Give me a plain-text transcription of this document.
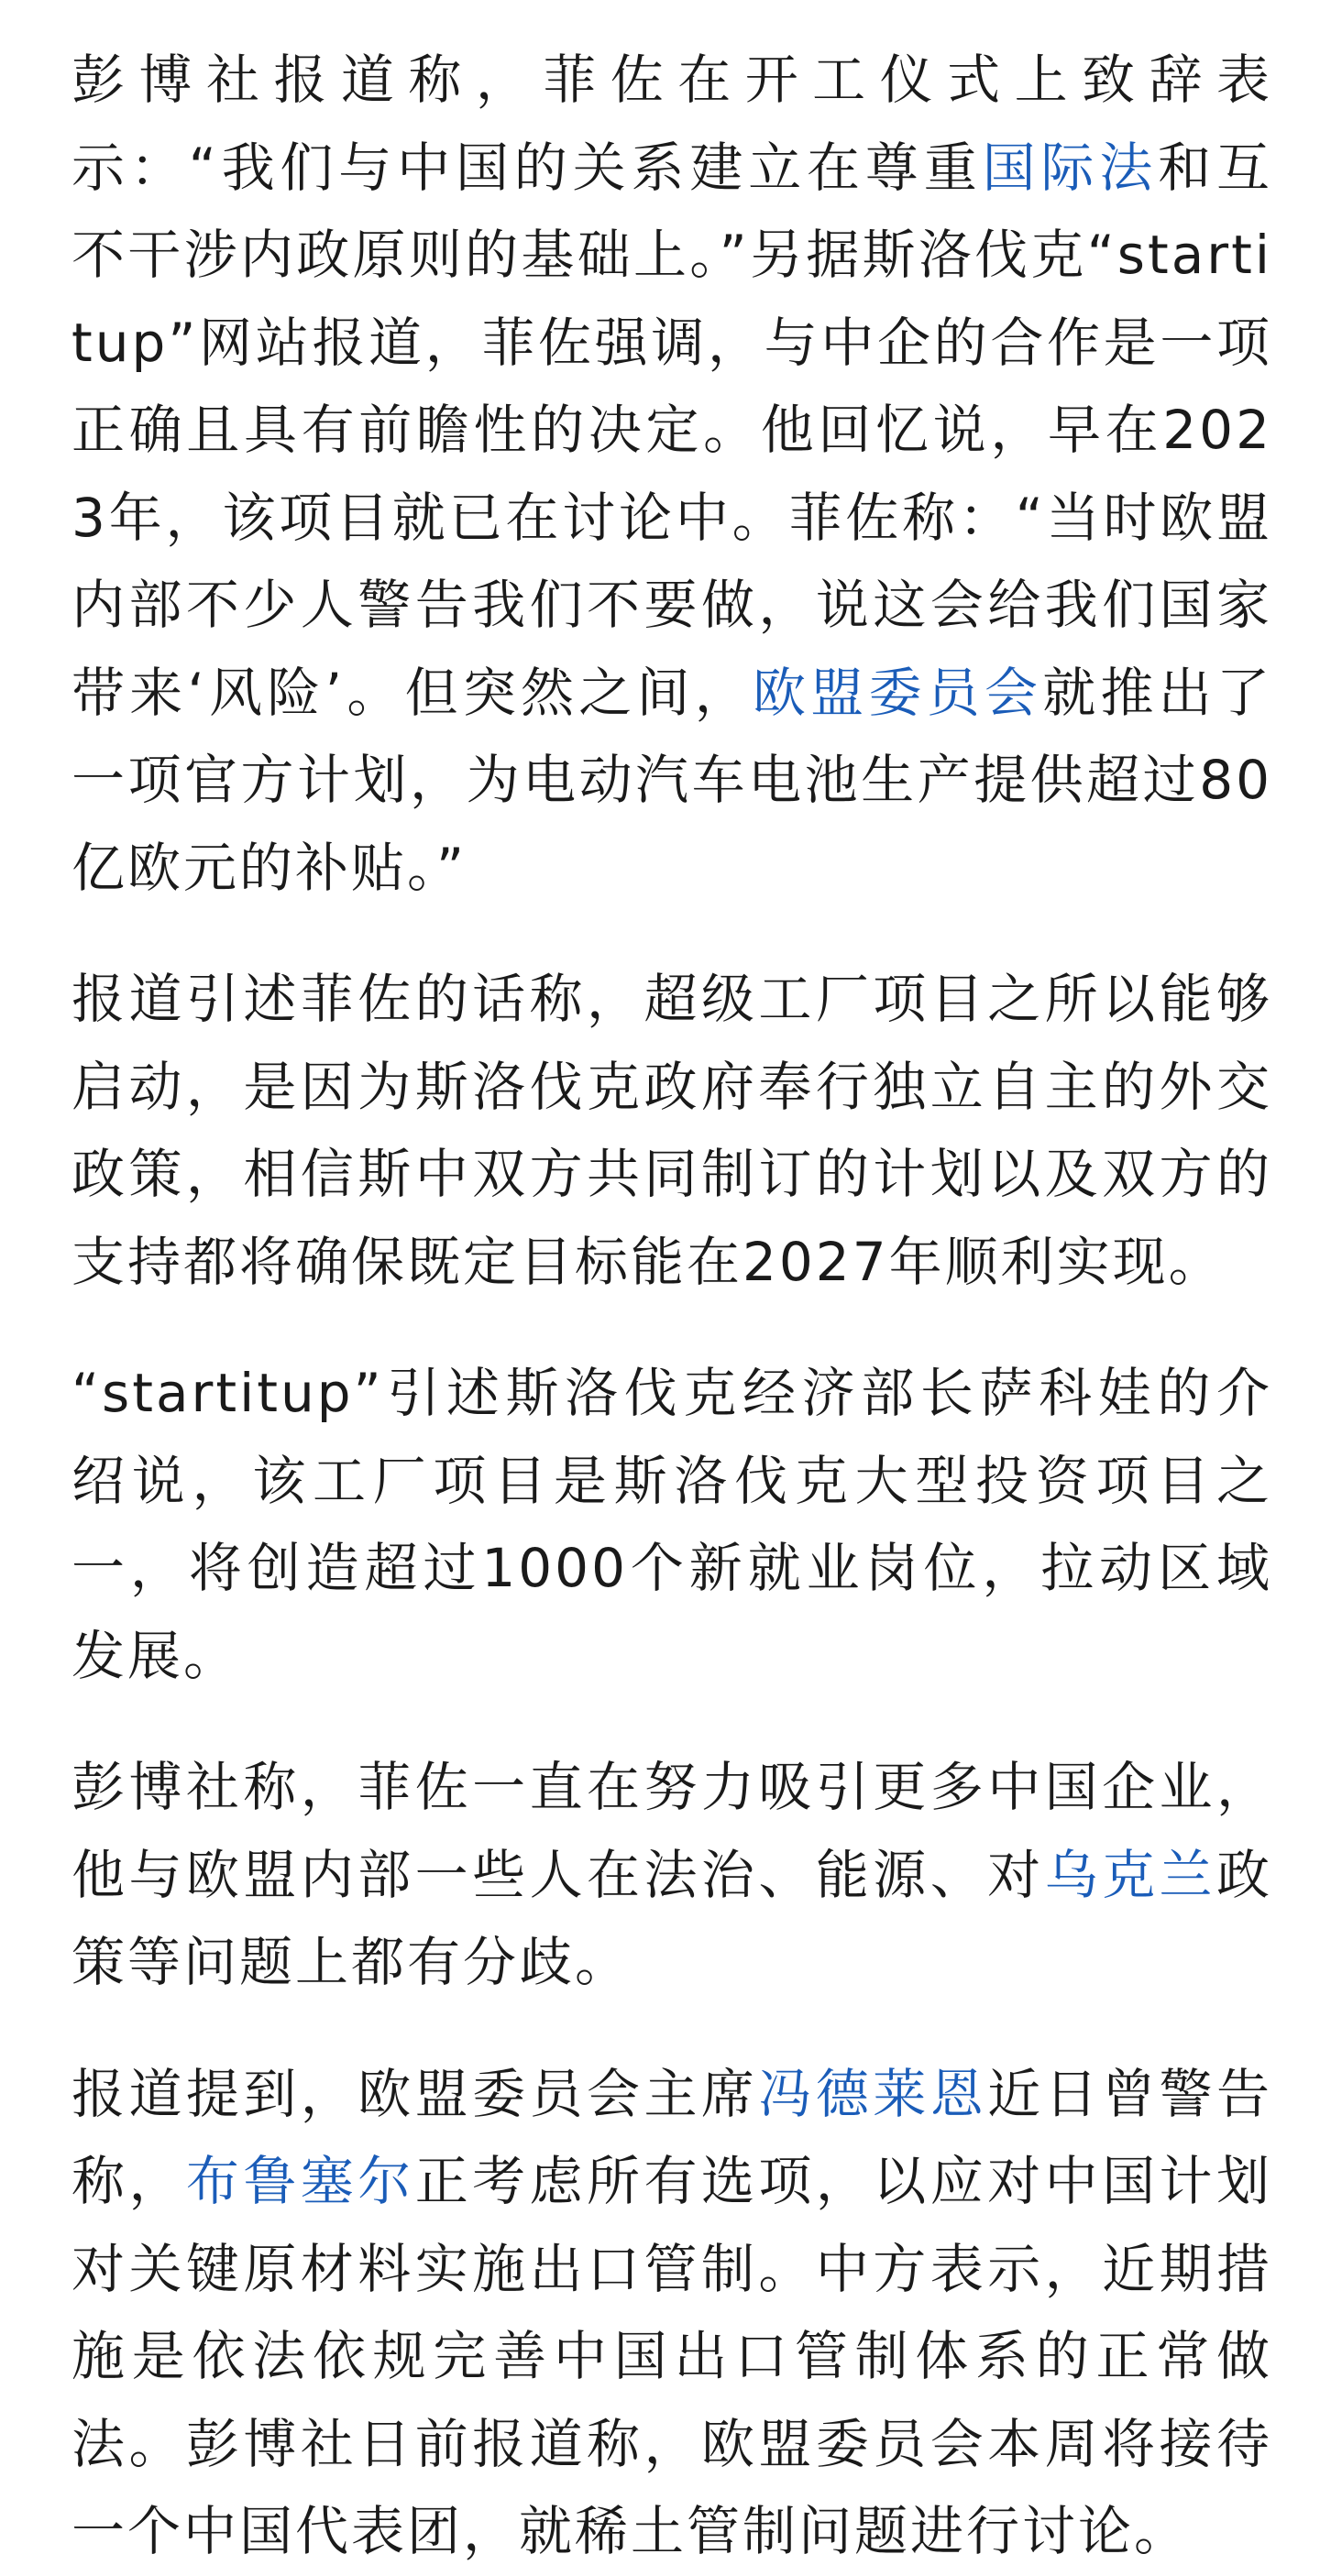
彭博社报道称，菲佐在开工仪式上致辞表示：“我们与中国的关系建立在尊重国际法和互不干涉内政原则的基础上。”另据斯洛伐克“startitup”网站报道，菲佐强调，与中企的合作是一项正确且具有前瞻性的决定。他回忆说，早在2023年，该项目就已在讨论中。菲佐称：“当时欧盟内部不少人警告我们不要做，说这会给我们国家带来‘风险’。但突然之间，欧盟委员会就推出了一项官方计划，为电动汽车电池生产提供超过80亿欧元的补贴。”

报道引述菲佐的话称，超级工厂项目之所以能够启动，是因为斯洛伐克政府奉行独立自主的外交政策，相信斯中双方共同制订的计划以及双方的支持都将确保既定目标能在2027年顺利实现。

“startitup”引述斯洛伐克经济部长萨科娃的介绍说，该工厂项目是斯洛伐克大型投资项目之一，将创造超过1000个新就业岗位，拉动区域发展。

彭博社称，菲佐一直在努力吸引更多中国企业，他与欧盟内部一些人在法治、能源、对乌克兰政策等问题上都有分歧。

报道提到，欧盟委员会主席冯德莱恩近日曾警告称，布鲁塞尔正考虑所有选项，以应对中国计划对关键原材料实施出口管制。中方表示，近期措施是依法依规完善中国出口管制体系的正常做法。彭博社日前报道称，欧盟委员会本周将接待一个中国代表团，就稀土管制问题进行讨论。
